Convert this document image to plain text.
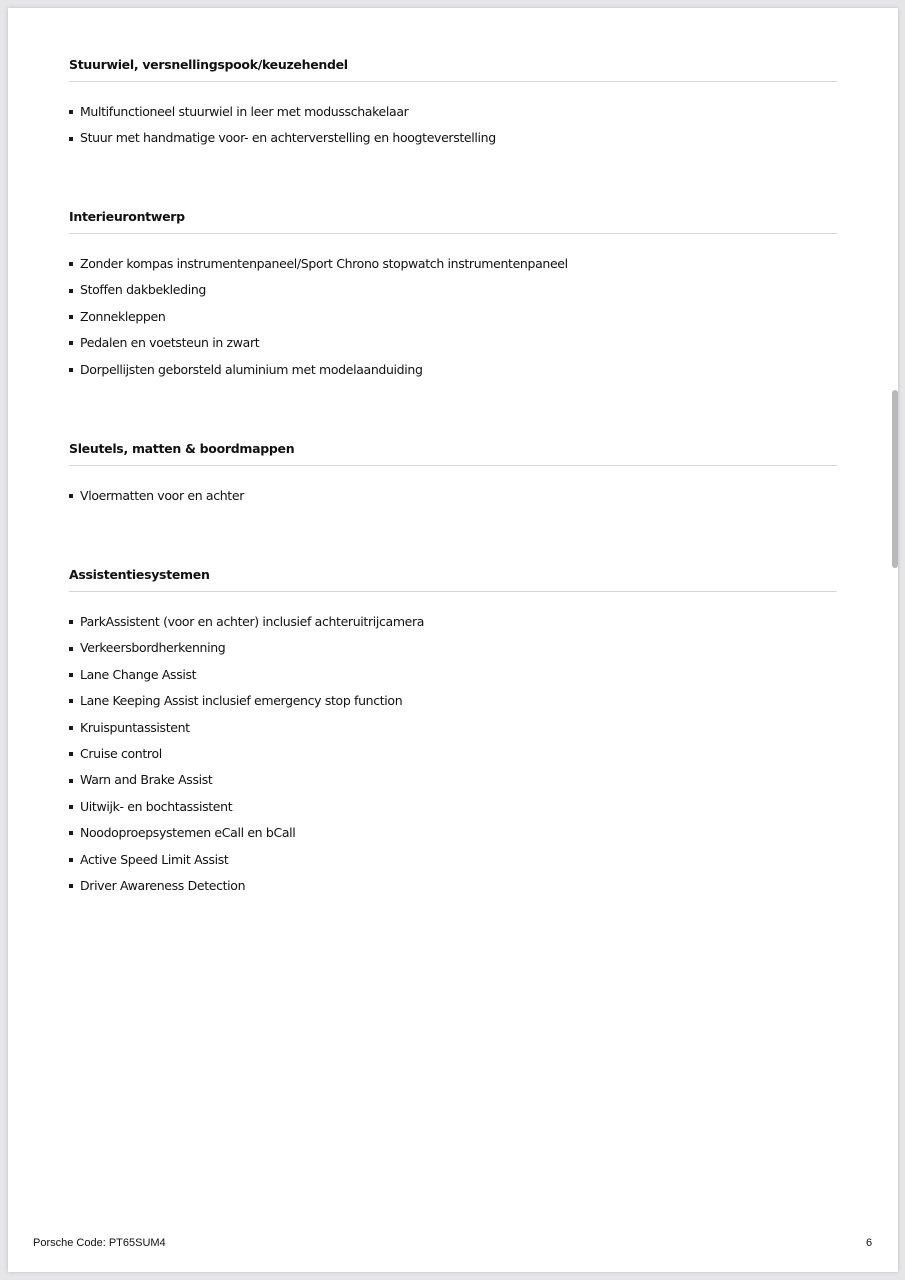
Stuurwiel, versnellingspook/keuzehendel
Multifunctioneel stuurwiel in leer met modusschakelaar
Stuur met handmatige voor- en achterverstelling en hoogteverstelling
Interieurontwerp
Zonder kompas instrumentenpaneel/Sport Chrono stopwatch instrumentenpaneel
Stoffen dakbekleding
Zonnekleppen
Pedalen en voetsteun in zwart
Dorpellijsten geborsteld aluminium met modelaanduiding
Sleutels, matten & boordmappen
Vloermatten voor en achter
Assistentiesystemen
ParkAssistent (voor en achter) inclusief achteruitrijcamera
Verkeersbordherkenning
Lane Change Assist
Lane Keeping Assist inclusief emergency stop function
Kruispuntassistent
Cruise control
Warn and Brake Assist
Uitwijk- en bochtassistent
Noodoproepsystemen eCall en bCall
Active Speed Limit Assist
Driver Awareness Detection
Porsche Code: PT65SUM4	6
